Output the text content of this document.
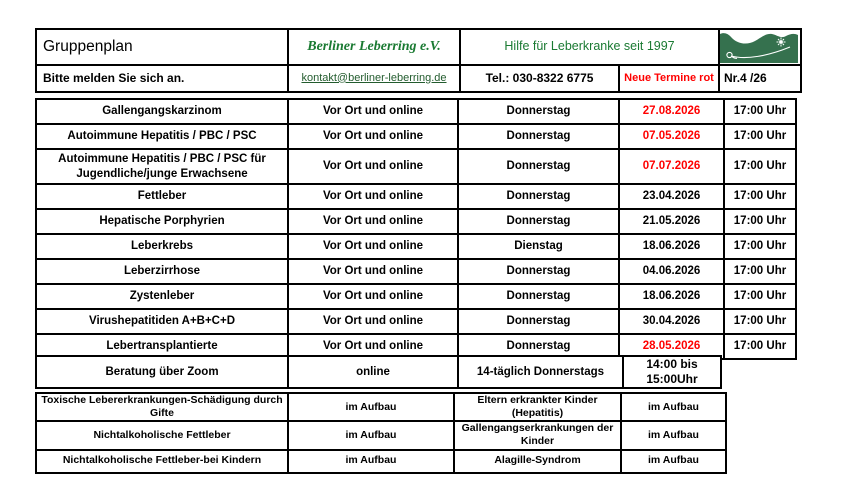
Gruppenplan	Berliner Leberring e.V.	Hilfe für Leberkranke seit 1997	

Bitte melden Sie sich an.	kontakt@berliner-leberring.de	Tel.: 030-8322 6775	Neue Termine rot	Nr.4 /26
Gallengangskarzinom	Vor Ort und online	Donnerstag	27.08.2026	17:00 Uhr
Autoimmune Hepatitis / PBC / PSC	Vor Ort und online	Donnerstag	07.05.2026	17:00 Uhr
Autoimmune Hepatitis / PBC / PSC für Jugendliche/junge Erwachsene	Vor Ort und online	Donnerstag	07.07.2026	17:00 Uhr
Fettleber	Vor Ort und online	Donnerstag	23.04.2026	17:00 Uhr
Hepatische Porphyrien	Vor Ort und online	Donnerstag	21.05.2026	17:00 Uhr
Leberkrebs	Vor Ort und online	Dienstag	18.06.2026	17:00 Uhr
Leberzirrhose	Vor Ort und online	Donnerstag	04.06.2026	17:00 Uhr
Zystenleber	Vor Ort und online	Donnerstag	18.06.2026	17:00 Uhr
Virushepatitiden A+B+C+D	Vor Ort und online	Donnerstag	30.04.2026	17:00 Uhr
Lebertransplantierte	Vor Ort und online	Donnerstag	28.05.2026	17:00 Uhr
Beratung über Zoom	online	14-täglich Donnerstags	14:00 bis 15:00Uhr
Toxische Lebererkrankungen-Schädigung durch Gifte	im Aufbau	Eltern erkrankter Kinder (Hepatitis)	im Aufbau
Nichtalkoholische Fettleber	im Aufbau	Gallengangserkrankungen der Kinder	im Aufbau
Nichtalkoholische Fettleber-bei Kindern	im Aufbau	Alagille-Syndrom	im Aufbau
